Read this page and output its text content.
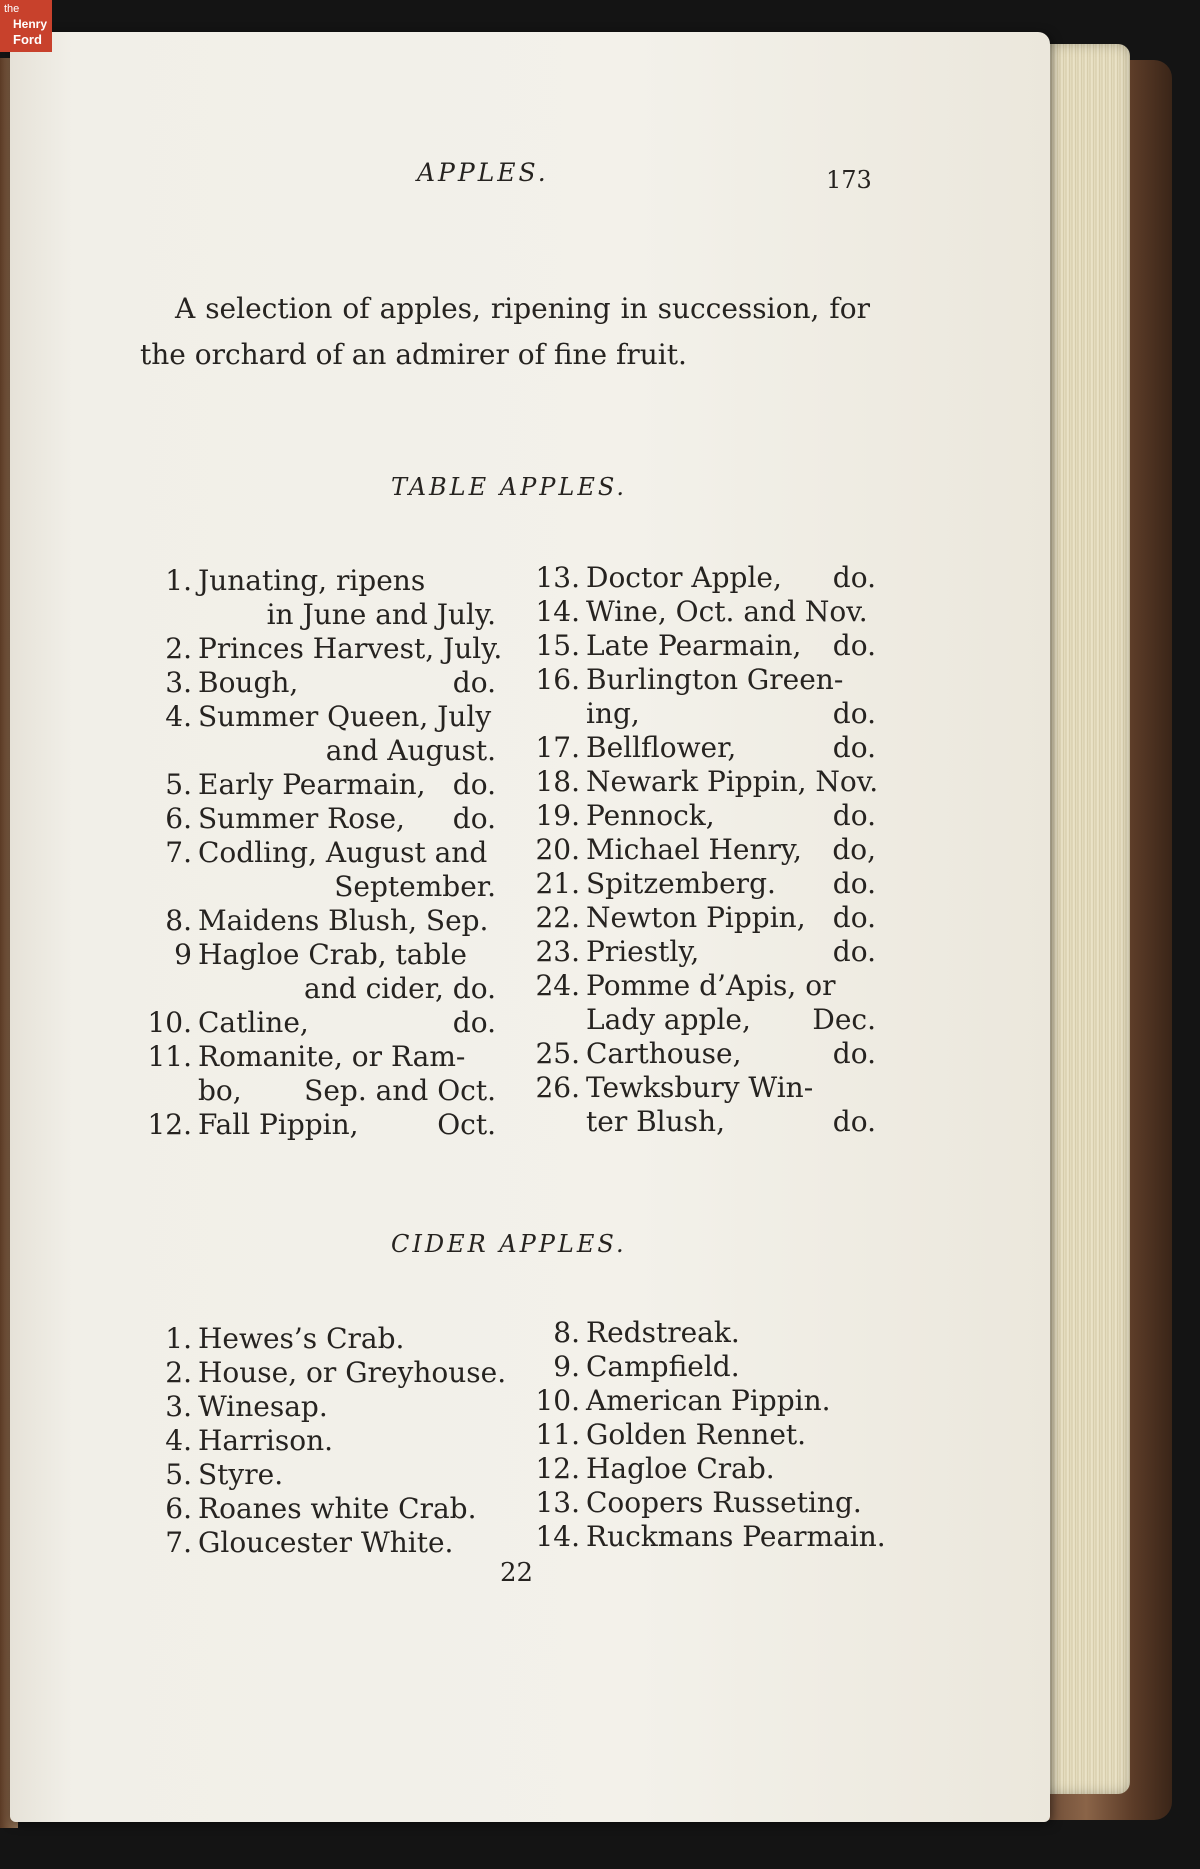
the
Henry
Ford
APPLES.	173
A selection of apples, ripening in succession, for
the orchard of an admirer of fine fruit.
TABLE APPLES.
1. Junating, ripens
in June and July.
2. Princes Harvest, July.
3. Bough,	do.
4. Summer Queen, July
and August.
5. Early Pearmain, do.
6. Summer Rose, do.
7. Codling, August and
September.
8. Maidens Blush, Sep.
9 Hagloe Crab, table
and cider, do.
10. Catline,	do.
11. Romanite, or Ram-
bo, Sep. and Oct.
12. Fall Pippin,	Oct.
13. Doctor Apple, do.
14. Wine, Oct. and Nov.
15. Late Pearmain, do.
16. Burlington Green-
ing,	do.
17. Bellflower,	do.
18. Newark Pippin, Nov.
19. Pennock,	do.
20. Michael Henry, do,
21. Spitzemberg. do.
22. Newton Pippin, do.
23. Priestly,	do.
24. Pomme d’Apis, or
Lady apple, Dec.
25. Carthouse,	do.
26. Tewksbury Win-
ter Blush,	do.
CIDER APPLES.
1. Hewes’s Crab.
2. House, or Greyhouse.
3. Winesap.
4. Harrison.
5. Styre.
6. Roanes white Crab.
7. Gloucester White.
8. Redstreak.
9. Campfield.
10. American Pippin.
11. Golden Rennet.
12. Hagloe Crab.
13. Coopers Russeting.
14. Ruckmans Pearmain.
22
